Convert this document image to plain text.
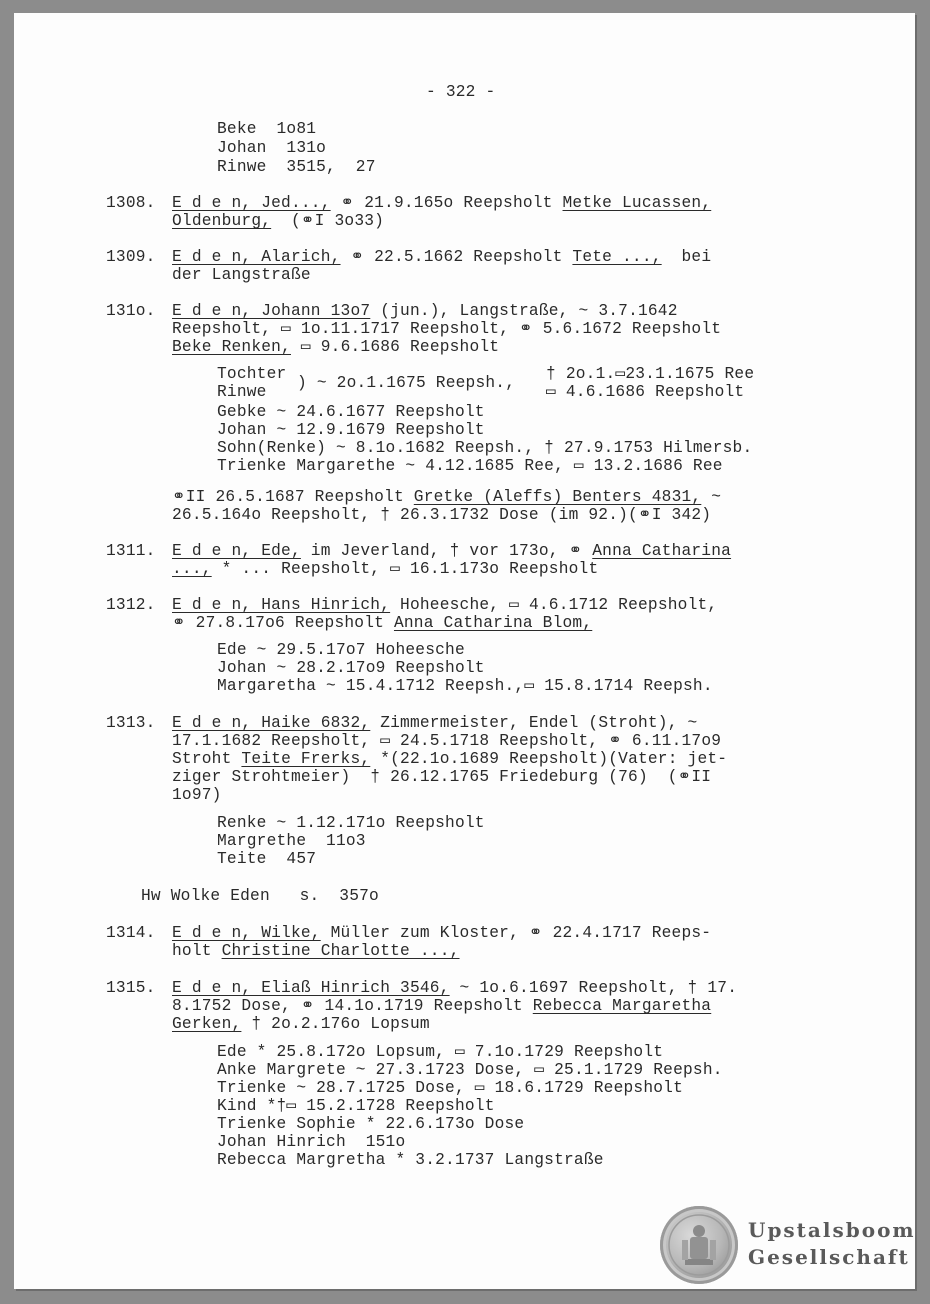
- 322 -
Beke  1o81
Johan  131o
Rinwe  3515,  27
1308. E d e n, Jed..., ⚭ 21.9.165o Reepsholt Metke Lucassen,
Oldenburg,  (⚭I 3o33)
1309. E d e n, Alarich, ⚭ 22.5.1662 Reepsholt Tete ...,  bei
der Langstraße
131o. E d e n, Johann 13o7 (jun.), Langstraße, ~ 3.7.1642
Reepsholt, ▭ 1o.11.1717 Reepsholt, ⚭ 5.6.1672 Reepsholt
Beke Renken, ▭ 9.6.1686 Reepsholt
Tochter
Rinwe ) ~ 2o.1.1675 Reepsh., † 2o.1.▭23.1.1675 Ree
▭ 4.6.1686 Reepsholt
Gebke ~ 24.6.1677 Reepsholt
Johan ~ 12.9.1679 Reepsholt
Sohn(Renke) ~ 8.1o.1682 Reepsh., † 27.9.1753 Hilmersb.
Trienke Margarethe ~ 4.12.1685 Ree, ▭ 13.2.1686 Ree
⚭II 26.5.1687 Reepsholt Gretke (Aleffs) Benters 4831, ~
26.5.164o Reepsholt, † 26.3.1732 Dose (im 92.)(⚭I 342)
1311. E d e n, Ede, im Jeverland, † vor 173o, ⚭ Anna Catharina
..., * ... Reepsholt, ▭ 16.1.173o Reepsholt
1312. E d e n, Hans Hinrich, Hoheesche, ▭ 4.6.1712 Reepsholt,
⚭ 27.8.17o6 Reepsholt Anna Catharina Blom,
Ede ~ 29.5.17o7 Hoheesche
Johan ~ 28.2.17o9 Reepsholt
Margaretha ~ 15.4.1712 Reepsh.,▭ 15.8.1714 Reepsh.
1313. E d e n, Haike 6832, Zimmermeister, Endel (Stroht), ~
17.1.1682 Reepsholt, ▭ 24.5.1718 Reepsholt, ⚭ 6.11.17o9
Stroht Teite Frerks, *(22.1o.1689 Reepsholt)(Vater: jet-
ziger Strohtmeier)  † 26.12.1765 Friedeburg (76)  (⚭II
1o97)
Renke ~ 1.12.171o Reepsholt
Margrethe  11o3
Teite  457
Hw Wolke Eden   s.  357o
1314. E d e n, Wilke, Müller zum Kloster, ⚭ 22.4.1717 Reeps-
holt Christine Charlotte ...,
1315. E d e n, Eliaß Hinrich 3546, ~ 1o.6.1697 Reepsholt, † 17.
8.1752 Dose, ⚭ 14.1o.1719 Reepsholt Rebecca Margaretha
Gerken, † 2o.2.176o Lopsum
Ede * 25.8.172o Lopsum, ▭ 7.1o.1729 Reepsholt
Anke Margrete ~ 27.3.1723 Dose, ▭ 25.1.1729 Reepsh.
Trienke ~ 28.7.1725 Dose, ▭ 18.6.1729 Reepsholt
Kind *†▭ 15.2.1728 Reepsholt
Trienke Sophie * 22.6.173o Dose
Johan Hinrich  151o
Rebecca Margretha * 3.2.1737 Langstraße
Upstalsboom
Gesellschaft
